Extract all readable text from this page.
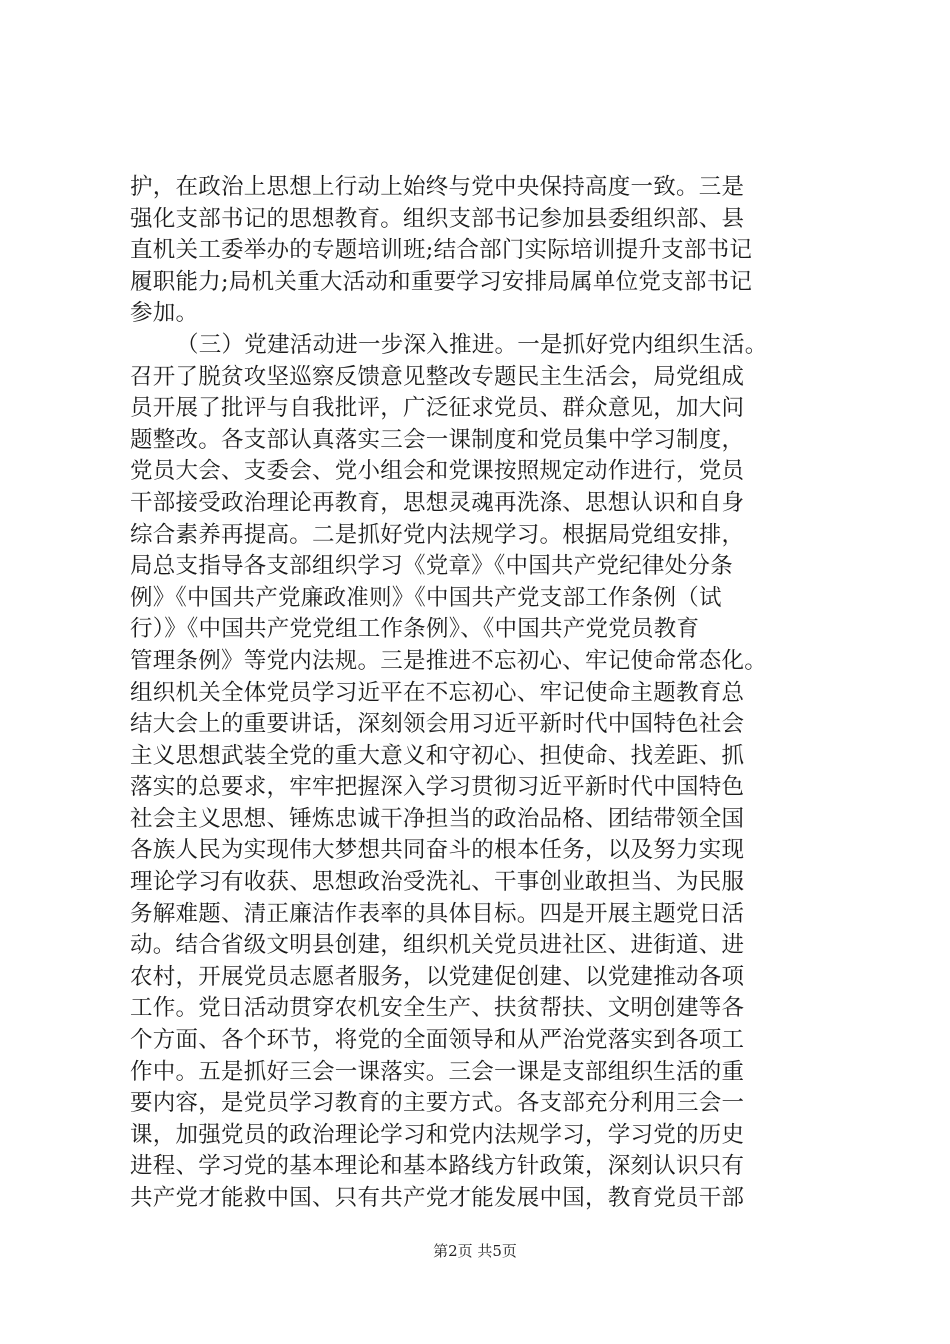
护，在政治上思想上行动上始终与党中央保持高度一致。三是
强化支部书记的思想教育。组织支部书记参加县委组织部、县
直机关工委举办的专题培训班;结合部门实际培训提升支部书记
履职能力;局机关重大活动和重要学习安排局属单位党支部书记
参加。
（三）党建活动进一步深入推进。一是抓好党内组织生活。
召开了脱贫攻坚巡察反馈意见整改专题民主生活会，局党组成
员开展了批评与自我批评，广泛征求党员、群众意见，加大问
题整改。各支部认真落实三会一课制度和党员集中学习制度，
党员大会、支委会、党小组会和党课按照规定动作进行，党员
干部接受政治理论再教育，思想灵魂再洗涤、思想认识和自身
综合素养再提高。二是抓好党内法规学习。根据局党组安排，
局总支指导各支部组织学习《党章》《中国共产党纪律处分条
例》《中国共产党廉政准则》《中国共产党支部工作条例（试
行）》《中国共产党党组工作条例》、《中国共产党党员教育
管理条例》等党内法规。三是推进不忘初心、牢记使命常态化。
组织机关全体党员学习近平在不忘初心、牢记使命主题教育总
结大会上的重要讲话，深刻领会用习近平新时代中国特色社会
主义思想武装全党的重大意义和守初心、担使命、找差距、抓
落实的总要求，牢牢把握深入学习贯彻习近平新时代中国特色
社会主义思想、锤炼忠诚干净担当的政治品格、团结带领全国
各族人民为实现伟大梦想共同奋斗的根本任务，以及努力实现
理论学习有收获、思想政治受洗礼、干事创业敢担当、为民服
务解难题、清正廉洁作表率的具体目标。四是开展主题党日活
动。结合省级文明县创建，组织机关党员进社区、进街道、进
农村，开展党员志愿者服务，以党建促创建、以党建推动各项
工作。党日活动贯穿农机安全生产、扶贫帮扶、文明创建等各
个方面、各个环节，将党的全面领导和从严治党落实到各项工
作中。五是抓好三会一课落实。三会一课是支部组织生活的重
要内容，是党员学习教育的主要方式。各支部充分利用三会一
课，加强党员的政治理论学习和党内法规学习，学习党的历史
进程、学习党的基本理论和基本路线方针政策，深刻认识只有
共产党才能救中国、只有共产党才能发展中国，教育党员干部
第2页 共5页
